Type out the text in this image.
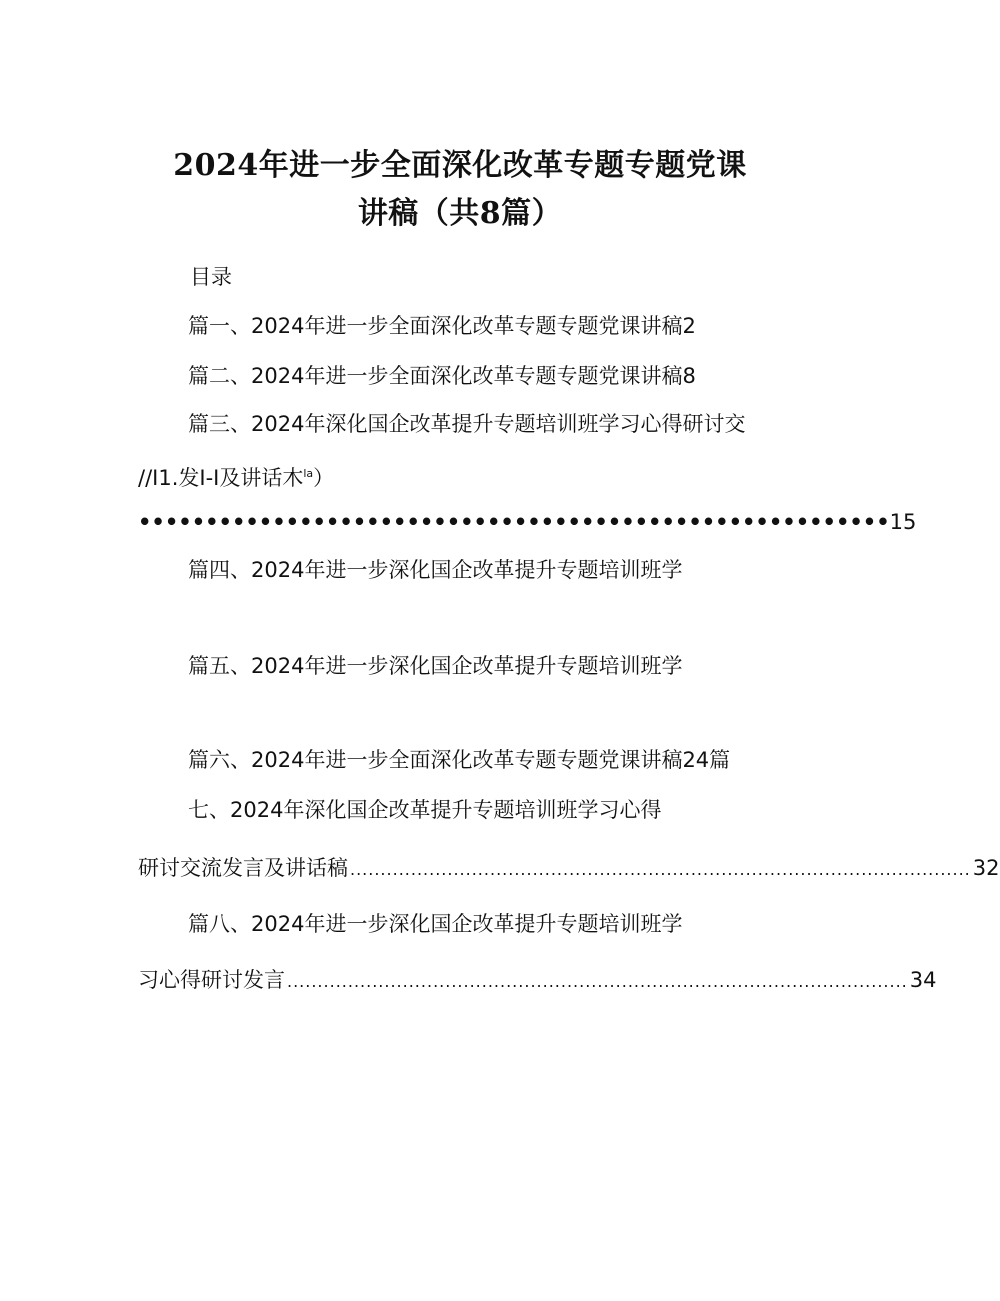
2024年进一步全面深化改革专题专题党课
讲稿（共8篇）
目录
篇一、2024年进一步全面深化改革专题专题党课讲稿2
篇二、2024年进一步全面深化改革专题专题党课讲稿8
篇三、2024年深化国企改革提升专题培训班学习心得研讨交
//I1.发I-I及讲话木$^{la}$）
••••••••••••••••••••••••••••••••••••••••••••••••••••••••15
篇四、2024年进一步深化国企改革提升专题培训班学
篇五、2024年进一步深化国企改革提升专题培训班学
篇六、2024年进一步全面深化改革专题专题党课讲稿24篇
七、2024年深化国企改革提升专题培训班学习心得
研讨交流发言及讲话稿 ...................................................................................................... 32
篇八、2024年进一步深化国企改革提升专题培训班学
习心得研讨发言 ...................................................................................................... 34
